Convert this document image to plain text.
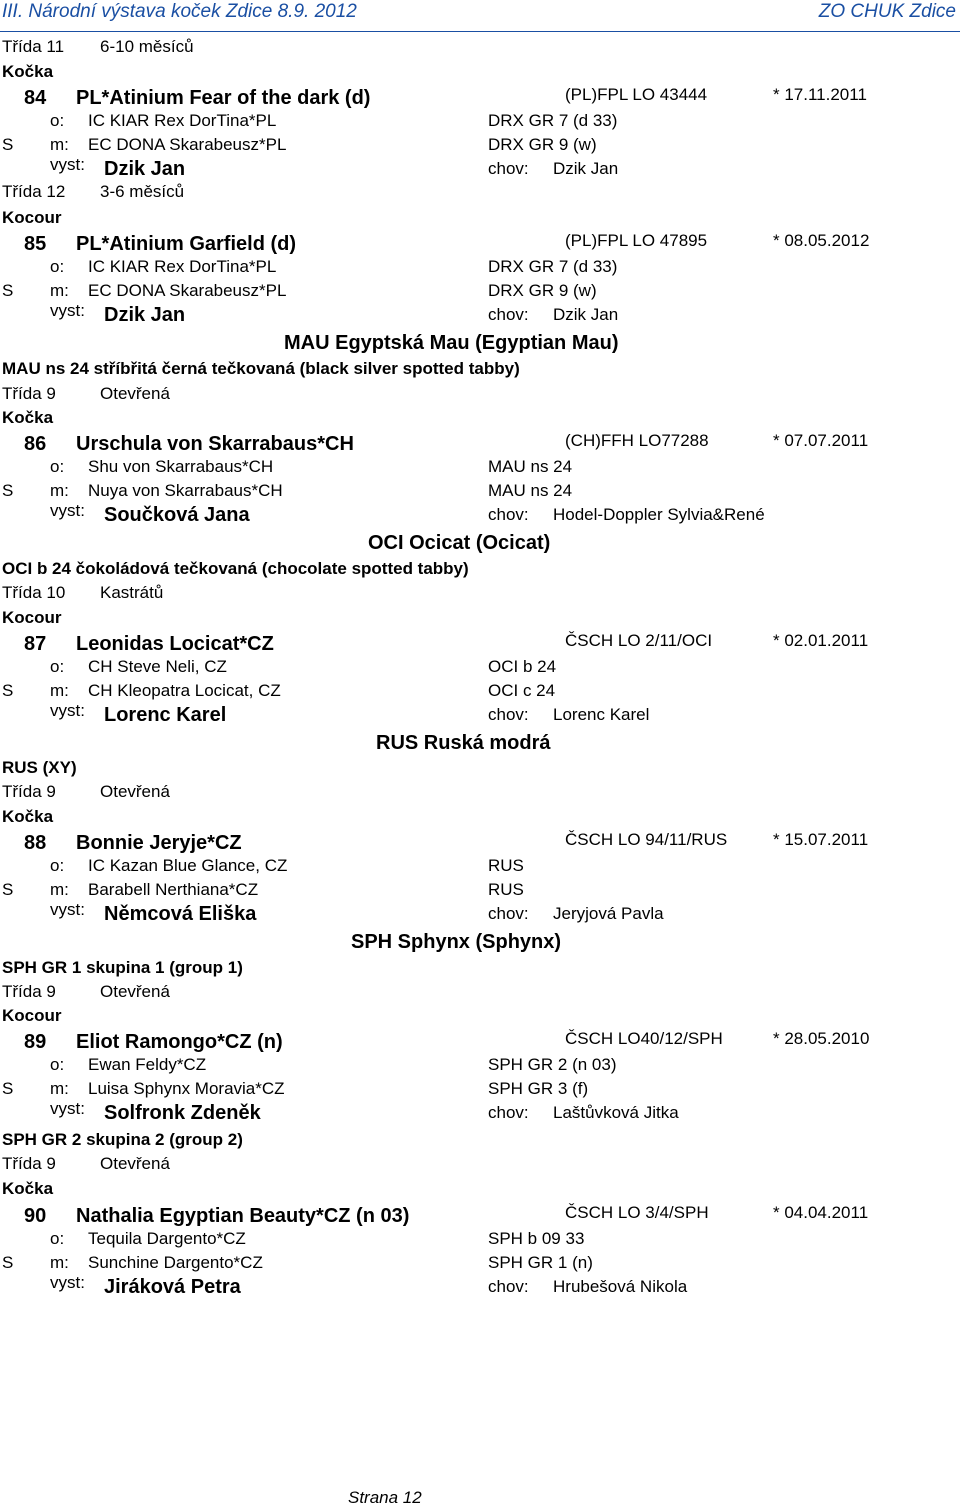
III. Národní výstava koček Zdice 8.9. 2012	ZO CHUK Zdice
Třída 11 6-10 měsíců
Kočka
84 PL*Atinium Fear of the dark (d)	(PL)FPL LO 43444	* 17.11.2011
o: IC KIAR Rex DorTina*PL	DRX GR 7 (d 33)
S m: EC DONA Skarabeusz*PL	DRX GR 9 (w)
vyst: Dzik Jan	chov: Dzik Jan
Třída 12 3-6 měsíců
Kocour
85 PL*Atinium Garfield (d)	(PL)FPL LO 47895	* 08.05.2012
o: IC KIAR Rex DorTina*PL	DRX GR 7 (d 33)
S m: EC DONA Skarabeusz*PL	DRX GR 9 (w)
vyst: Dzik Jan	chov: Dzik Jan
MAU Egyptská Mau (Egyptian Mau)
MAU ns 24 stříbřitá černá tečkovaná (black silver spotted tabby)
Třída 9	Otevřená
Kočka
86 Urschula von Skarrabaus*CH	(CH)FFH LO77288	* 07.07.2011
o: Shu von Skarrabaus*CH	MAU ns 24
S m: Nuya von Skarrabaus*CH	MAU ns 24
vyst: Součková Jana	chov: Hodel-Doppler Sylvia&René
OCI Ocicat (Ocicat)
OCI b 24 čokoládová tečkovaná (chocolate spotted tabby)
Třída 10 Kastrátů
Kocour
87 Leonidas Locicat*CZ	ČSCH LO 2/11/OCI	* 02.01.2011
o: CH Steve Neli, CZ	OCI b 24
S m: CH Kleopatra Locicat, CZ	OCI c 24
vyst: Lorenc Karel	chov: Lorenc Karel
RUS Ruská modrá
RUS (XY)
Třída 9	Otevřená
Kočka
88 Bonnie Jeryje*CZ	ČSCH LO 94/11/RUS	* 15.07.2011
o: IC Kazan Blue Glance, CZ	RUS
S m: Barabell Nerthiana*CZ	RUS
vyst: Němcová Eliška	chov: Jeryjová Pavla
SPH Sphynx (Sphynx)
SPH GR 1 skupina 1 (group 1)
Třída 9	Otevřená
Kocour
89 Eliot Ramongo*CZ (n)	ČSCH LO40/12/SPH	* 28.05.2010
o: Ewan Feldy*CZ	SPH GR 2 (n 03)
S m: Luisa Sphynx Moravia*CZ	SPH GR 3 (f)
vyst: Solfronk Zdeněk	chov: Laštůvková Jitka
SPH GR 2 skupina 2 (group 2)
Třída 9	Otevřená
Kočka
90 Nathalia Egyptian Beauty*CZ (n 03)	ČSCH LO 3/4/SPH	* 04.04.2011
o: Tequila Dargento*CZ	SPH b 09 33
S m: Sunchine Dargento*CZ	SPH GR 1 (n)
vyst: Jiráková Petra	chov: Hrubešová Nikola
Strana 12
